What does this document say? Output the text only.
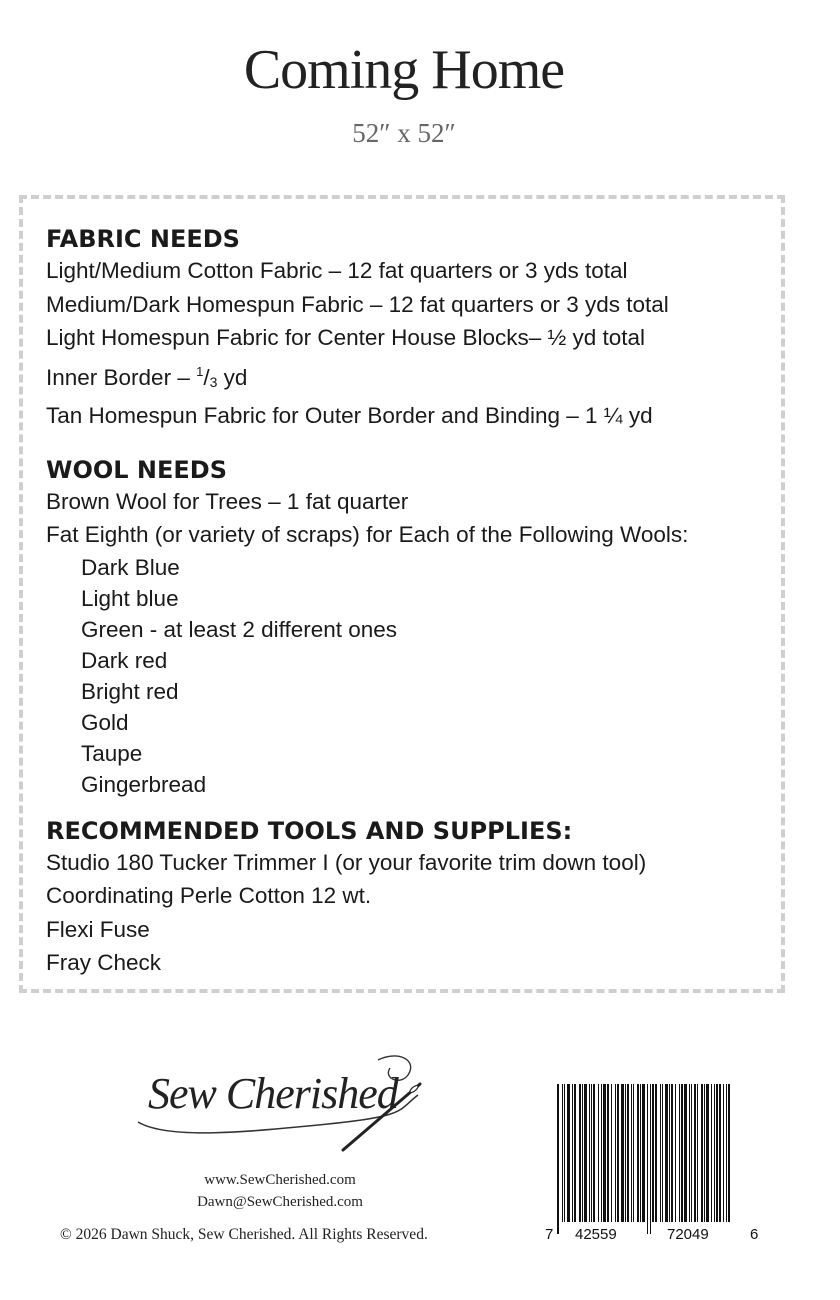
Coming Home
52″ x 52″

FABRIC NEEDS

Light/Medium Cotton Fabric – 12 fat quarters or 3 yds total

Medium/Dark Homespun Fabric – 12 fat quarters or 3 yds total

Light Homespun Fabric for Center House Blocks– ½ yd total

Inner Border – $^1/_3$ yd

Tan Homespun Fabric for Outer Border and Binding – 1 ¼ yd

WOOL NEEDS

Brown Wool for Trees – 1 fat quarter

Fat Eighth (or variety of scraps) for Each of the Following Wools:

Dark Blue

Light blue

Green - at least 2 different ones

Dark red

Bright red

Gold

Taupe

Gingerbread

RECOMMENDED TOOLS AND SUPPLIES:

Studio 180 Tucker Trimmer I (or your favorite trim down tool)

Coordinating Perle Cotton 12 wt.

Flexi Fuse

Fray Check

Sew Cherished
www.SewCherished.com
Dawn@SewCherished.com
© 2026 Dawn Shuck, Sew Cherished. All Rights Reserved.	7 42559	72049	6
